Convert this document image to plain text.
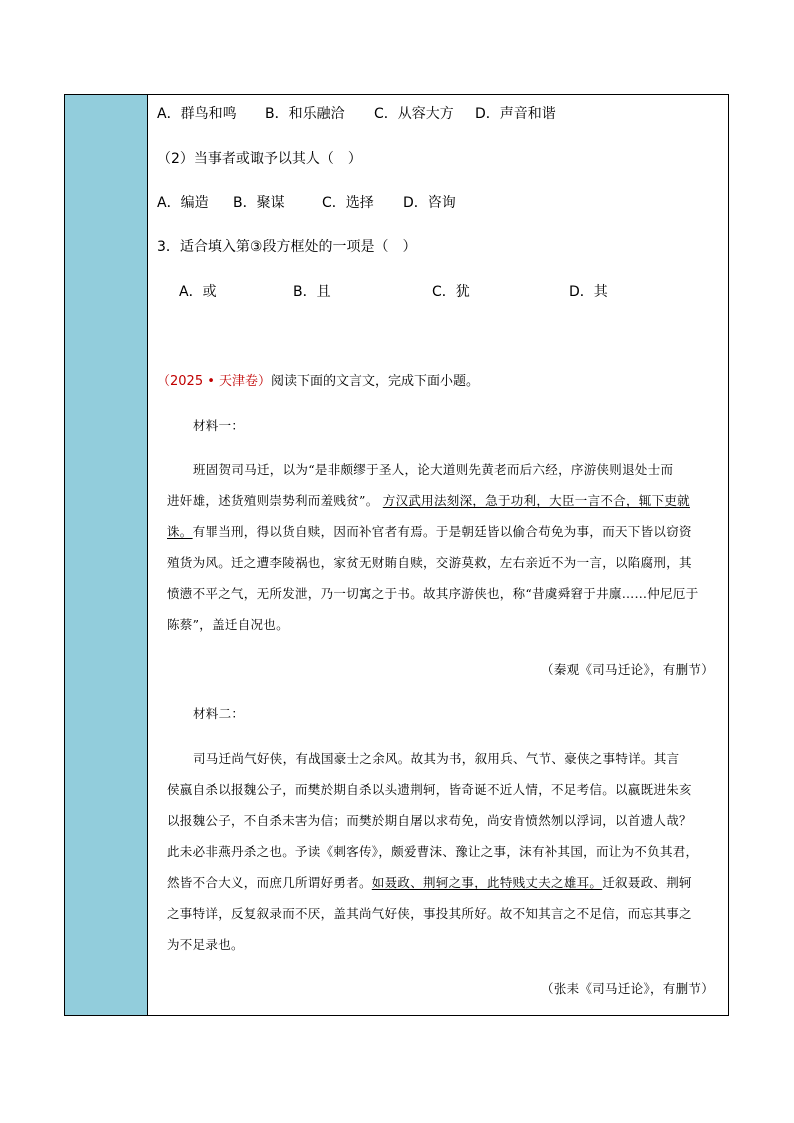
A．群鸟和鸣 B．和乐融洽 C．从容大方 D．声音和谐
（2）当事者或诹予以其人（　）
A．编造 B．聚谋	C．选择 D．咨询
3．适合填入第③段方框处的一项是（　）
A．或	B．且	C．犹	D．其
（2025 • 天津卷）阅读下面的文言文，完成下面小题。
材料一：
班固贺司马迁，以为“是非颇缪于圣人，论大道则先黄老而后六经，序游侠则退处士而
进奸雄，述货殖则崇势利而羞贱贫”。 方汉武用法刻深，急于功利，大臣一言不合，辄下吏就
诛。有罪当刑，得以货自赎，因而补官者有焉。于是朝廷皆以偷合苟免为事，而天下皆以窃资
殖货为风。迁之遭李陵祸也，家贫无财賄自赎，交游莫救，左右亲近不为一言，以陷腐刑，其
愤懑不平之气，无所发泄，乃一切寓之于书。故其序游侠也，称“昔虞舜窘于井廪……仲尼厄于
陈蔡”，盖迁自况也。
（秦观《司马迁论》，有删节）
材料二：
司马迁尚气好侠，有战国豪士之余风。故其为书，叙用兵、气节、豪侠之事特详。其言
侯嬴自杀以报魏公子，而樊於期自杀以头遗荆轲，皆奇诞不近人情，不足考信。以嬴既进朱亥
以报魏公子，不自杀未害为信；而樊於期自屠以求苟免，尚安肯愤然刎以浮词，以首遗人哉？
此未必非燕丹杀之也。予读《刺客传》，颇爱曹沫、豫让之事，沫有补其国，而让为不负其君，
然皆不合大义，而庶几所谓好勇者。如聂政、荆轲之事，此特贱丈夫之雄耳。迁叙聂政、荆轲
之事特详，反复叙录而不厌，盖其尚气好侠，事投其所好。故不知其言之不足信，而忘其事之
为不足录也。
（张耒《司马迁论》，有删节）
